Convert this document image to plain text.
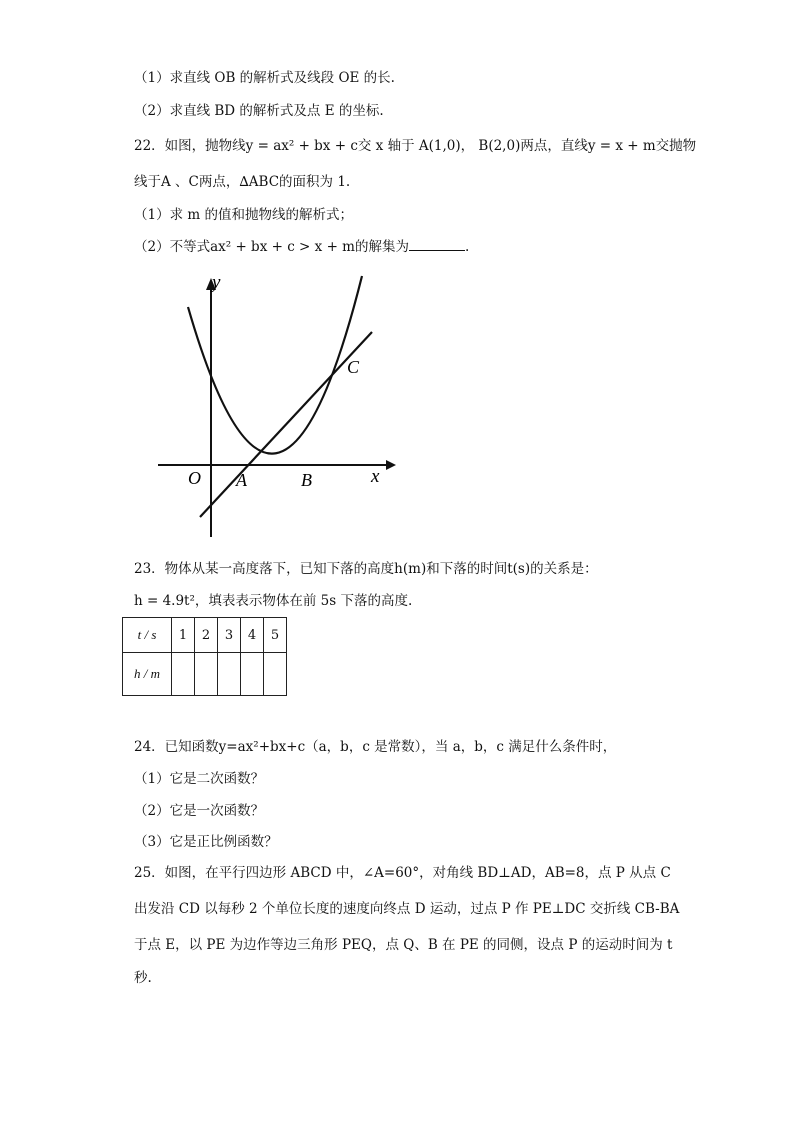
（1）求直线 OB 的解析式及线段 OE 的长.
（2）求直线 BD 的解析式及点 E 的坐标.
22．如图，抛物线y = ax² + bx + c交 x 轴于 A(1,0)， B(2,0)两点，直线y = x + m交抛物
线于A 、C两点，∆ABC的面积为 1.
（1）求 m 的值和抛物线的解析式；
（2）不等式ax² + bx + c > x + m的解集为	.
y
x
O A	B
C
23．物体从某一高度落下，已知下落的高度h(m)和下落的时间t(s)的关系是：
h = 4.9t²，填表表示物体在前 5s 下落的高度.
t / s	1	2	3	4	5
h / m					
24．已知函数y=ax²+bx+c（a，b，c 是常数），当 a，b，c 满足什么条件时，
（1）它是二次函数？
（2）它是一次函数？
（3）它是正比例函数？
25．如图，在平行四边形 ABCD 中，∠A=60°，对角线 BD⊥AD，AB=8，点 P 从点 C
出发沿 CD 以每秒 2 个单位长度的速度向终点 D 运动，过点 P 作 PE⊥DC 交折线 CB-BA
于点 E，以 PE 为边作等边三角形 PEQ，点 Q、B 在 PE 的同侧，设点 P 的运动时间为 t
秒.
